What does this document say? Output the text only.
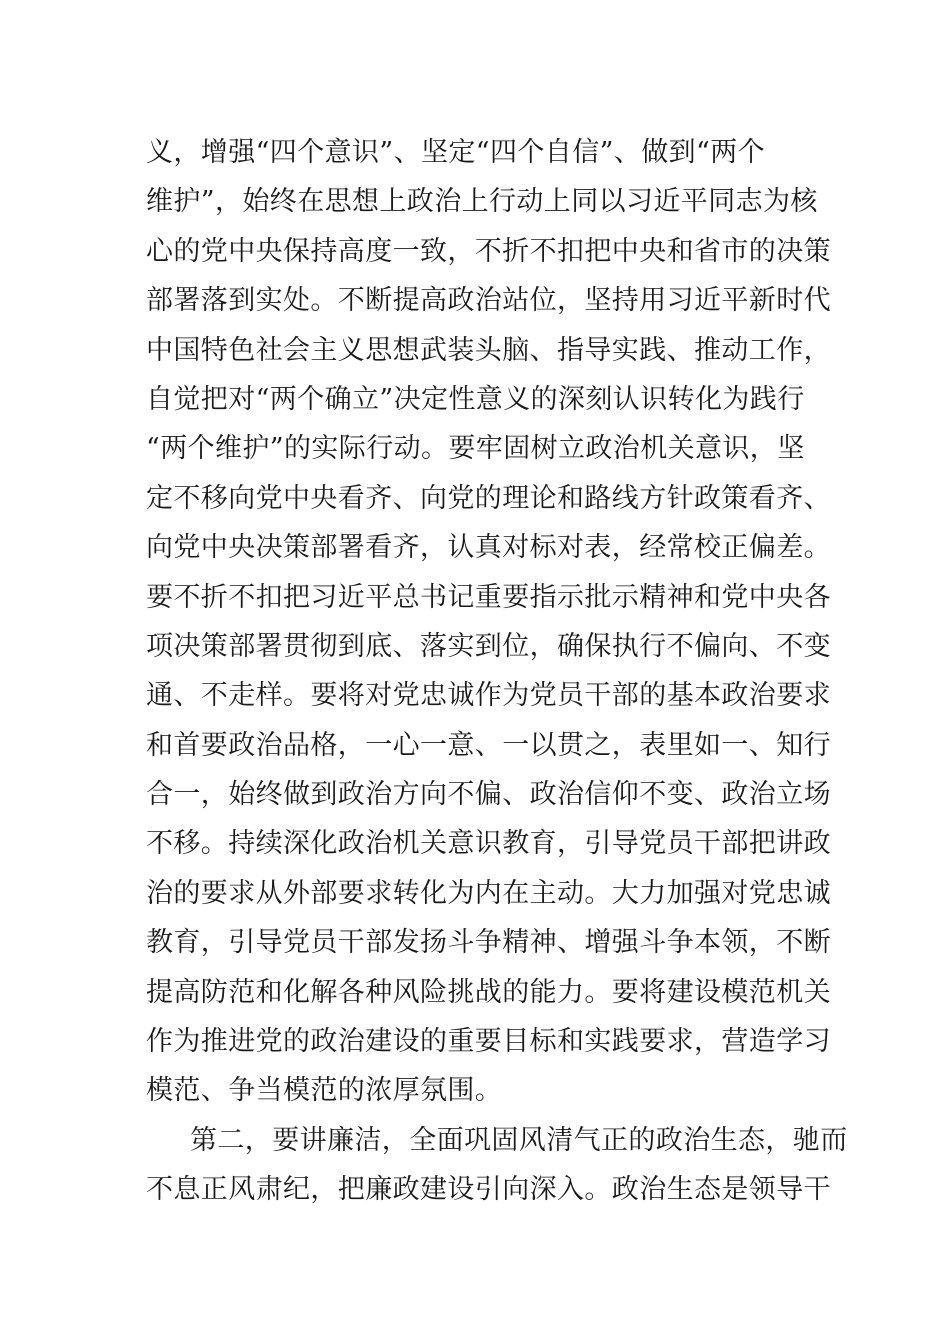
义，增强“四个意识”、坚定“四个自信”、做到“两个
维护”，始终在思想上政治上行动上同以习近平同志为核
心的党中央保持高度一致，不折不扣把中央和省市的决策
部署落到实处。不断提高政治站位，坚持用习近平新时代
中国特色社会主义思想武装头脑、指导实践、推动工作，
自觉把对“两个确立”决定性意义的深刻认识转化为践行
“两个维护”的实际行动。要牢固树立政治机关意识，坚
定不移向党中央看齐、向党的理论和路线方针政策看齐、
向党中央决策部署看齐，认真对标对表，经常校正偏差。
要不折不扣把习近平总书记重要指示批示精神和党中央各
项决策部署贯彻到底、落实到位，确保执行不偏向、不变
通、不走样。要将对党忠诚作为党员干部的基本政治要求
和首要政治品格，一心一意、一以贯之，表里如一、知行
合一，始终做到政治方向不偏、政治信仰不变、政治立场
不移。持续深化政治机关意识教育，引导党员干部把讲政
治的要求从外部要求转化为内在主动。大力加强对党忠诚
教育，引导党员干部发扬斗争精神、增强斗争本领，不断
提高防范和化解各种风险挑战的能力。要将建设模范机关
作为推进党的政治建设的重要目标和实践要求，营造学习
模范、争当模范的浓厚氛围。
第二，要讲廉洁，全面巩固风清气正的政治生态，驰而
不息正风肃纪，把廉政建设引向深入。政治生态是领导干
